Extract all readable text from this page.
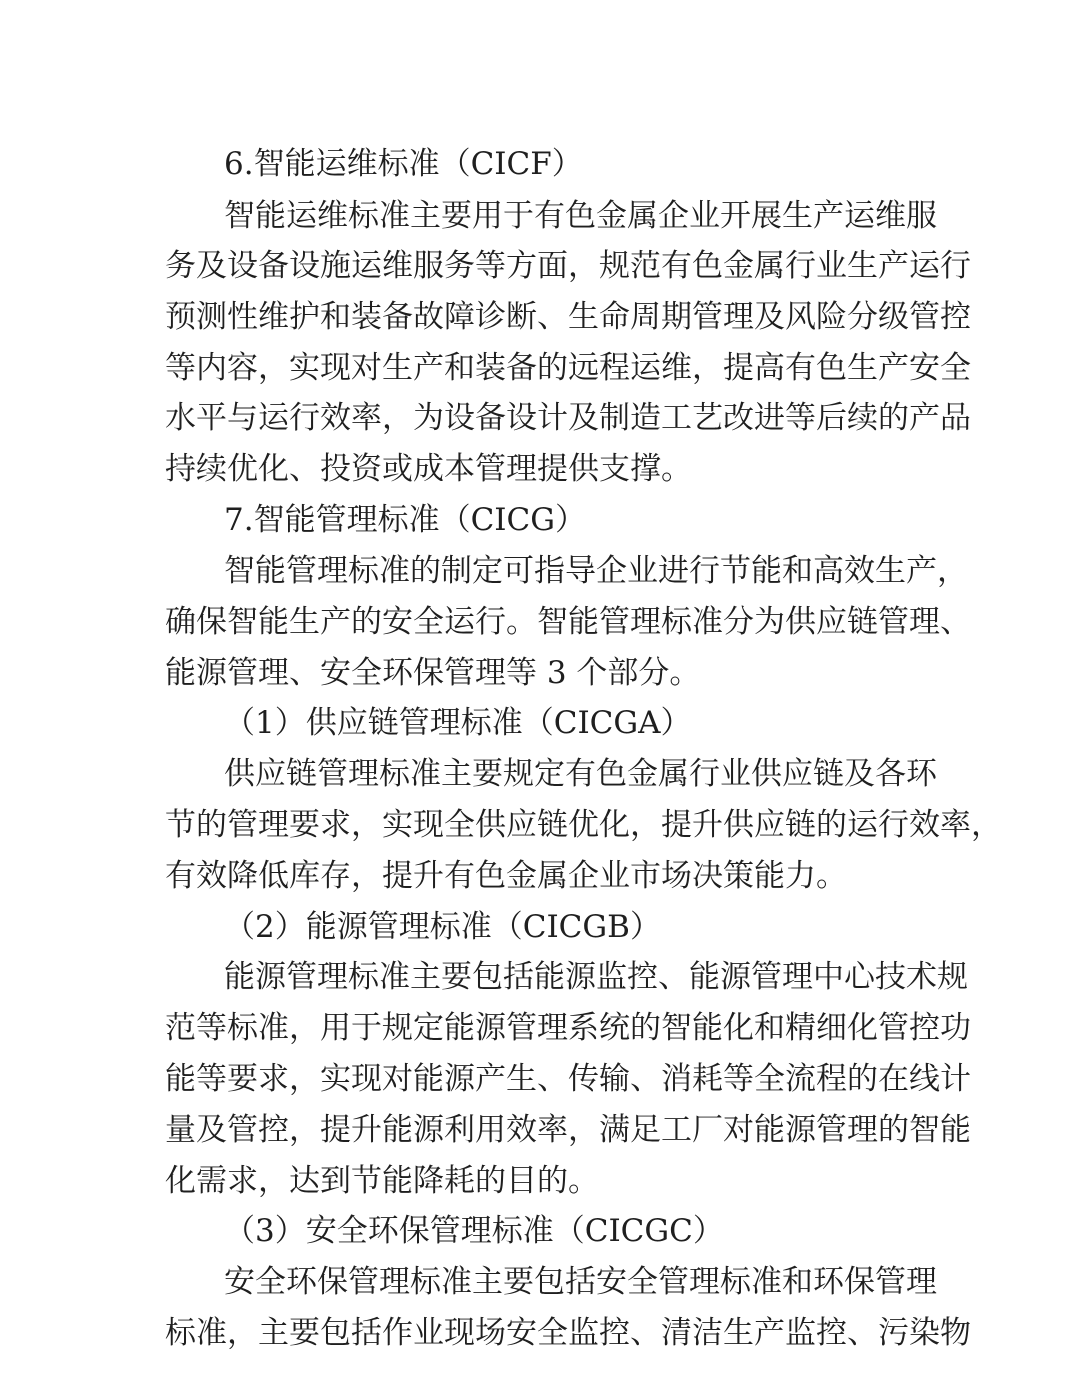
6.智能运维标准（CICF）
智能运维标准主要用于有色金属企业开展生产运维服
务及设备设施运维服务等方面，规范有色金属行业生产运行
预测性维护和装备故障诊断、生命周期管理及风险分级管控
等内容，实现对生产和装备的远程运维，提高有色生产安全
水平与运行效率，为设备设计及制造工艺改进等后续的产品
持续优化、投资或成本管理提供支撑。
7.智能管理标准（CICG）
智能管理标准的制定可指导企业进行节能和高效生产，
确保智能生产的安全运行。智能管理标准分为供应链管理、
能源管理、安全环保管理等 3 个部分。
（1）供应链管理标准（CICGA）
供应链管理标准主要规定有色金属行业供应链及各环
节的管理要求，实现全供应链优化，提升供应链的运行效率，
有效降低库存，提升有色金属企业市场决策能力。
（2）能源管理标准（CICGB）
能源管理标准主要包括能源监控、能源管理中心技术规
范等标准，用于规定能源管理系统的智能化和精细化管控功
能等要求，实现对能源产生、传输、消耗等全流程的在线计
量及管控，提升能源利用效率，满足工厂对能源管理的智能
化需求，达到节能降耗的目的。
（3）安全环保管理标准（CICGC）
安全环保管理标准主要包括安全管理标准和环保管理
标准，主要包括作业现场安全监控、清洁生产监控、污染物
